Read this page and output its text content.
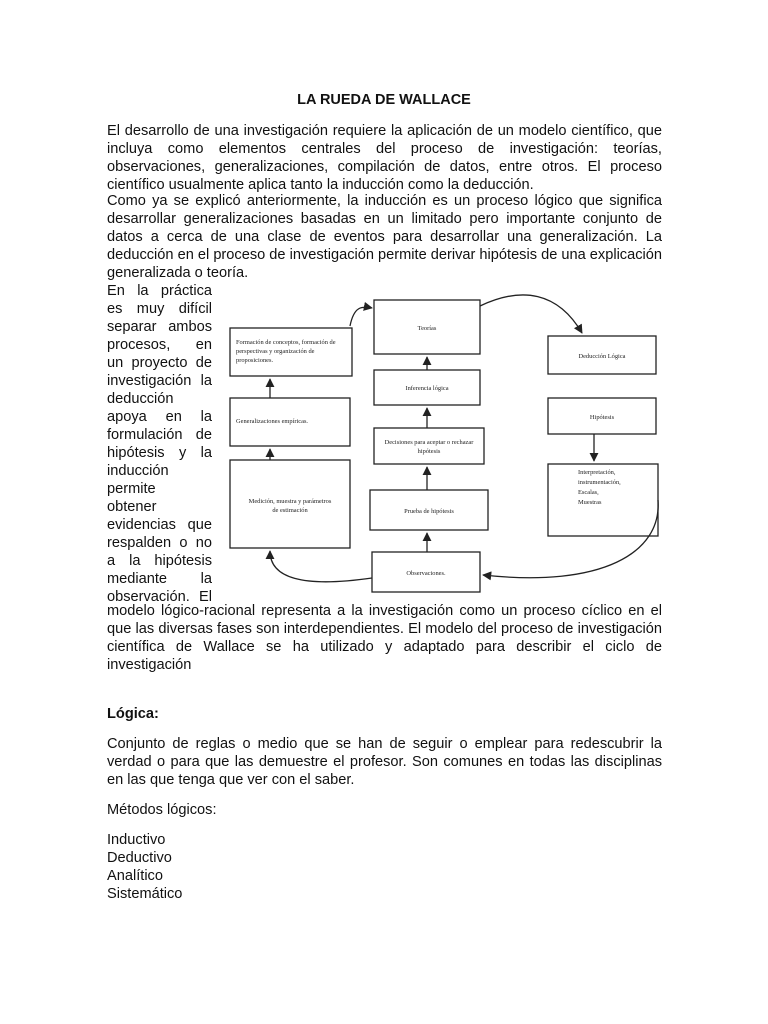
LA RUEDA DE WALLACE
El desarrollo de una investigación requiere la aplicación de un modelo científico, que incluya como elementos centrales del proceso de investigación: teorías, observaciones, generalizaciones, compilación de datos, entre otros. El proceso científico usualmente aplica tanto la inducción como la deducción.
Como ya se explicó anteriormente, la inducción es un proceso lógico que significa desarrollar generalizaciones basadas en un limitado pero importante conjunto de datos a cerca de una clase de eventos para desarrollar una generalización. La deducción en el proceso de investigación permite derivar hipótesis de una explicación generalizada o teoría.
En la práctica
es muy difícil
separar ambos
procesos, en
un proyecto de
investigación la
deducción
apoya en la
formulación de
hipótesis y la
inducción
permite
obtener
evidencias que
respalden o no
a la hipótesis
mediante la
observación. El
Teorías
Formación de conceptos, formación de
perspectivas y organización de
proposiciones.
Inferencia lógica
Deducción Lógica
Generalizaciones empíricas.
Decisiones para aceptar o rechazar
hipótesis
Hipótesis
Medición, muestra y parámetros
de estimación	Prueba de hipótesis
Interpretación,
instrumentación,
Escalas,
Muestras
Observaciones.
modelo lógico-racional representa a la investigación como un proceso cíclico en el que las diversas fases son interdependientes. El modelo del proceso de investigación científica de Wallace se ha utilizado y adaptado para describir el ciclo de investigación
Lógica:
Conjunto de reglas o medio que se han de seguir o emplear para redescubrir la verdad o para que las demuestre el profesor. Son comunes en todas las disciplinas en las que tenga que ver con el saber.
Métodos lógicos:
Inductivo
Deductivo
Analítico
Sistemático
